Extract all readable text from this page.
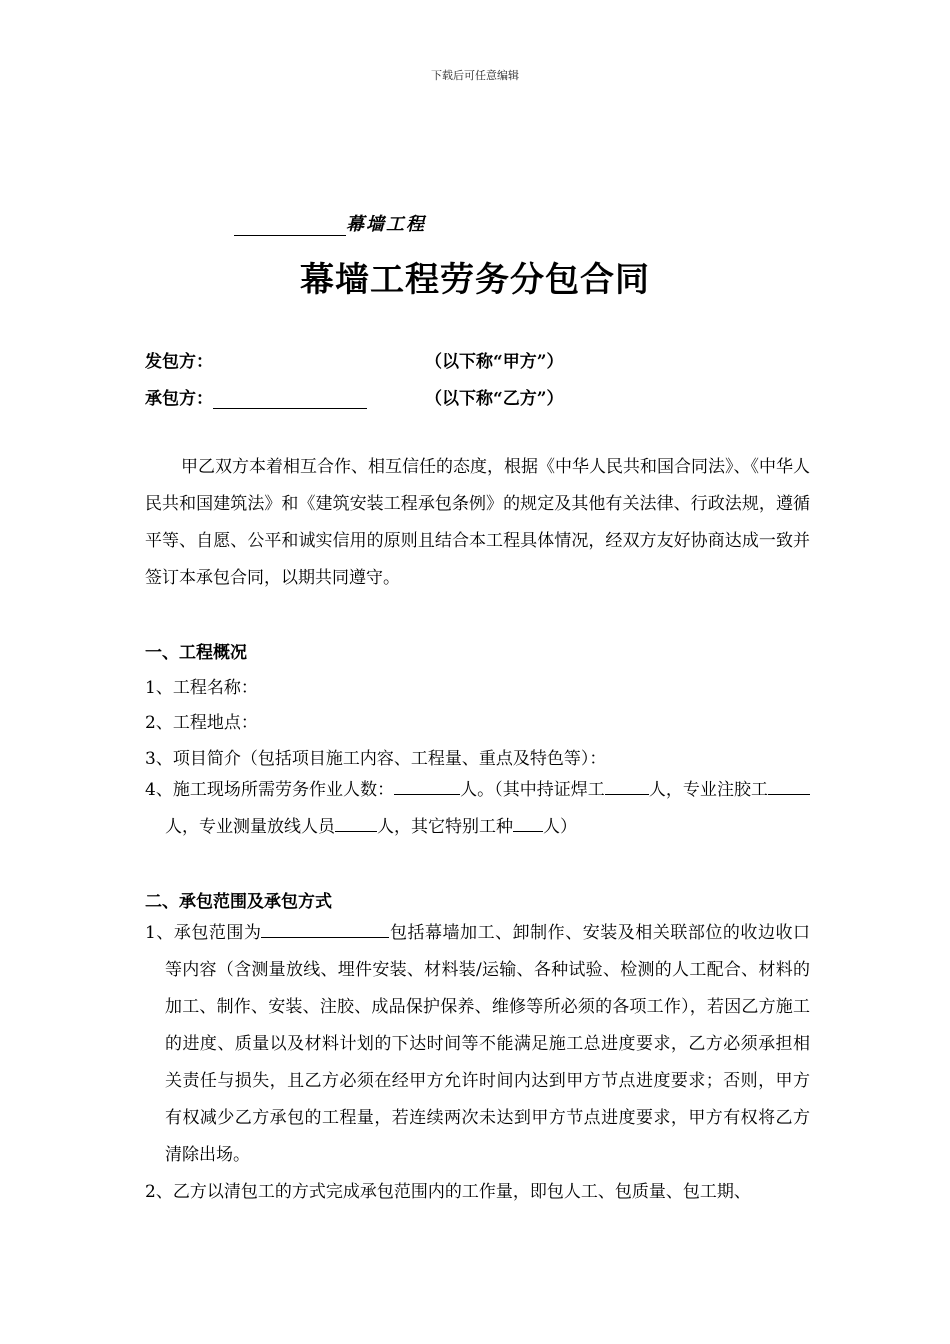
下载后可任意编辑
幕墙工程
幕墙工程劳务分包合同
发包方：	（以下称“甲方”）
承包方：	（以下称“乙方”）
甲乙双方本着相互合作、相互信任的态度，根据《中华人民共和国合同法》、《中华人民共和国建筑法》和《建筑安装工程承包条例》的规定及其他有关法律、行政法规，遵循平等、自愿、公平和诚实信用的原则且结合本工程具体情况，经双方友好协商达成一致并签订本承包合同，以期共同遵守。
一、工程概况
1、工程名称：
2、工程地点：
3、项目简介（包括项目施工内容、工程量、重点及特色等）：
4、施工现场所需劳务作业人数：	人。（其中持证焊工	人，专业注胶工人，专业测量放线人员 人，其它特别工种 人）
二、承包范围及承包方式
1、承包范围为	包括幕墙加工、卸制作、安装及相关联部位的收边收口等内容（含测量放线、埋件安装、材料装/运输、各种试验、检测的人工配合、材料的加工、制作、安装、注胶、成品保护保养、维修等所必须的各项工作），若因乙方施工的进度、质量以及材料计划的下达时间等不能满足施工总进度要求，乙方必须承担相关责任与损失，且乙方必须在经甲方允许时间内达到甲方节点进度要求；否则，甲方有权减少乙方承包的工程量，若连续两次未达到甲方节点进度要求，甲方有权将乙方清除出场。
2、乙方以清包工的方式完成承包范围内的工作量，即包人工、包质量、包工期、
